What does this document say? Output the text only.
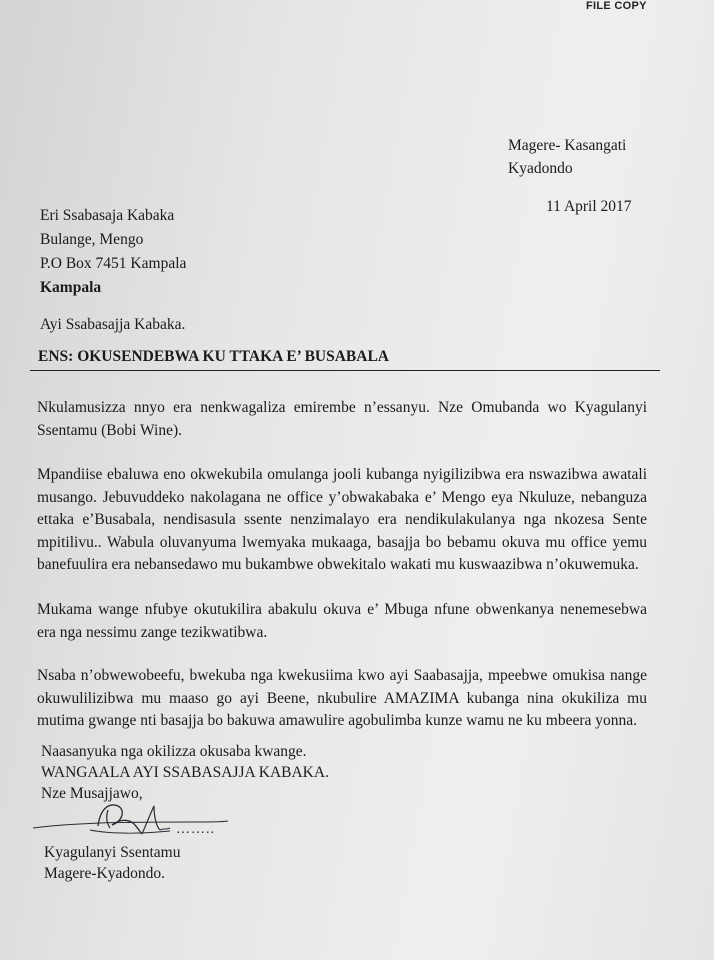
FILE COPY
Magere- Kasangati
Kyadondo
11 April 2017
Eri Ssabasaja Kabaka
Bulange, Mengo
P.O Box 7451 Kampala
Kampala
Ayi Ssabasajja Kabaka.
ENS: OKUSENDEBWA KU TTAKA E’ BUSABALA

Nkulamusizza nnyo era nenkwagaliza emirembe n’essanyu. Nze Omubanda wo Kyagulanyi Ssentamu (Bobi Wine).

Mpandiise ebaluwa eno okwekubila omulanga jooli kubanga nyigilizibwa era nswazibwa awatali musango. Jebuvuddeko nakolagana ne office y’obwakabaka e’ Mengo eya Nkuluze, nebanguza ettaka e’Busabala, nendisasula ssente nenzimalayo era nendikulakulanya nga nkozesa Sente mpitilivu.. Wabula oluvanyuma lwemyaka mukaaga, basajja bo bebamu okuva mu office yemu banefuulira era nebansedawo mu bukambwe obwekitalo wakati mu kuswaazibwa n’okuwemuka.

Mukama wange nfubye okutukilira abakulu okuva e’ Mbuga nfune obwenkanya nenemesebwa era nga nessimu zange tezikwatibwa.

Nsaba n’obwewobeefu, bwekuba nga kwekusiima kwo ayi Saabasajja, mpeebwe omukisa nange okuwulilizibwa mu maaso go ayi Beene, nkubulire AMAZIMA kubanga nina okukiliza mu mutima gwange nti basajja bo bakuwa amawulire agobulimba kunze wamu ne ku mbeera yonna.

Naasanyuka nga okilizza okusaba kwange.
WANGAALA AYI SSABASAJJA KABAKA.
Nze Musajjawo,
……..
Kyagulanyi Ssentamu
Magere-Kyadondo.
